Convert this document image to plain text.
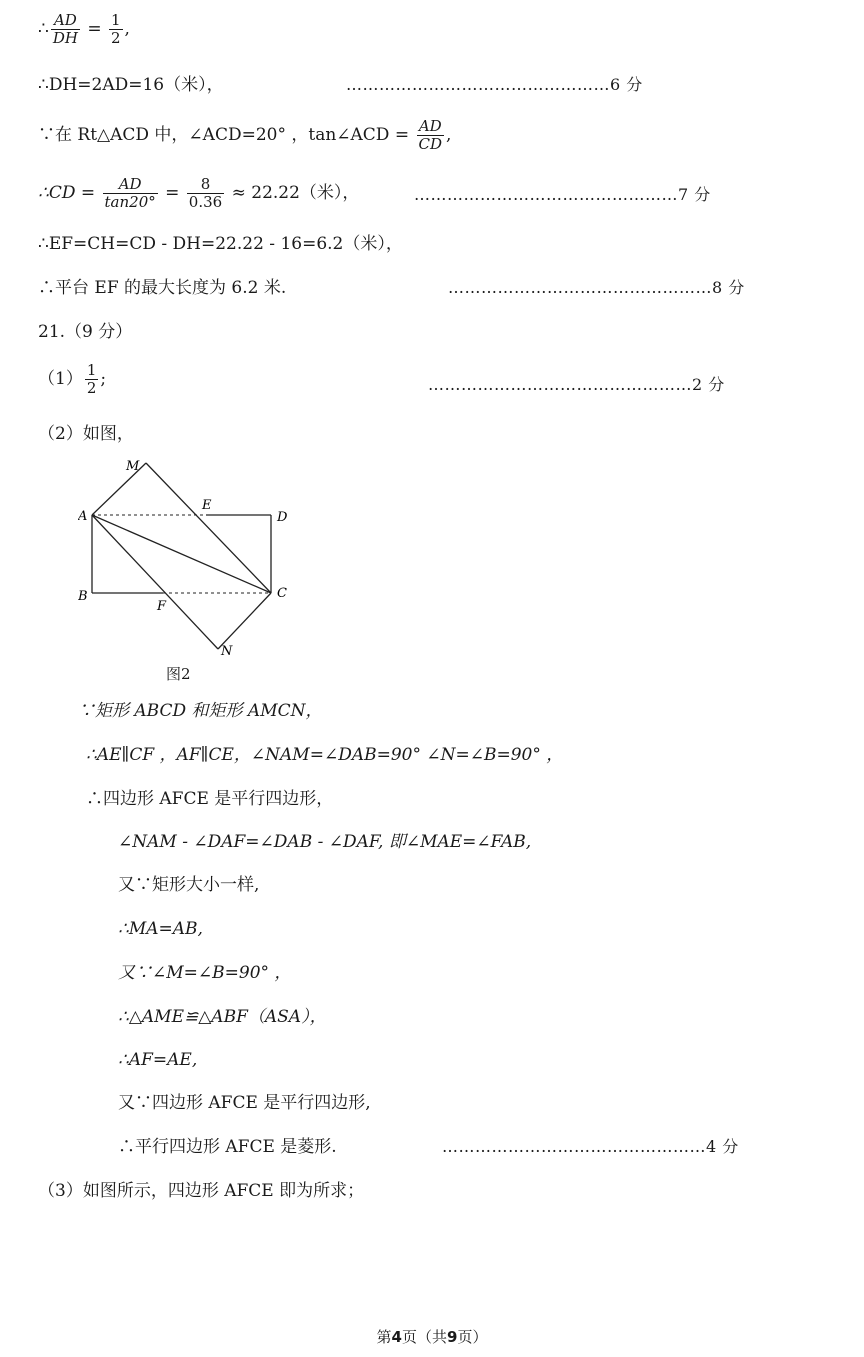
∴ $\frac{AD}{DH} = \frac{1}{2}$ ,
∴DH=2AD=16（米），	…………………………………………6 分
∵在 Rt△ACD 中，∠ACD=20° ，tan∠ACD = $\frac{AD}{CD}$ ,
∴CD = $\frac{AD}{\tan 20^\circ} = \frac{8}{0.36} \approx 22.22$（米），	…………………………………………7 分
∴EF=CH=CD - DH=22.22 - 16=6.2（米），
∴平台 EF 的最大长度为 6.2 米.	…………………………………………8 分
21.（9 分）
$(1) \frac{1}{2}$ ;	…………………………………………2 分
（2）如图，
M
E
D
A
B
F
C
N
图2
∵矩形 ABCD 和矩形 AMCN，
∴AE∥CF ，AF∥CE，∠NAM=∠DAB=90° ∠N=∠B=90° ，
∴四边形 AFCE 是平行四边形，
∠NAM - ∠DAF=∠DAB - ∠DAF, 即∠MAE=∠FAB,
又∵矩形大小一样,
∴MA=AB,
又∵∠M=∠B=90° ，
∴△AME≌△ABF（ASA），
∴AF=AE,
又∵四边形 AFCE 是平行四边形,
∴平行四边形 AFCE 是菱形.	…………………………………………4 分
（3）如图所示，四边形 AFCE 即为所求；
第4页（共9页）
